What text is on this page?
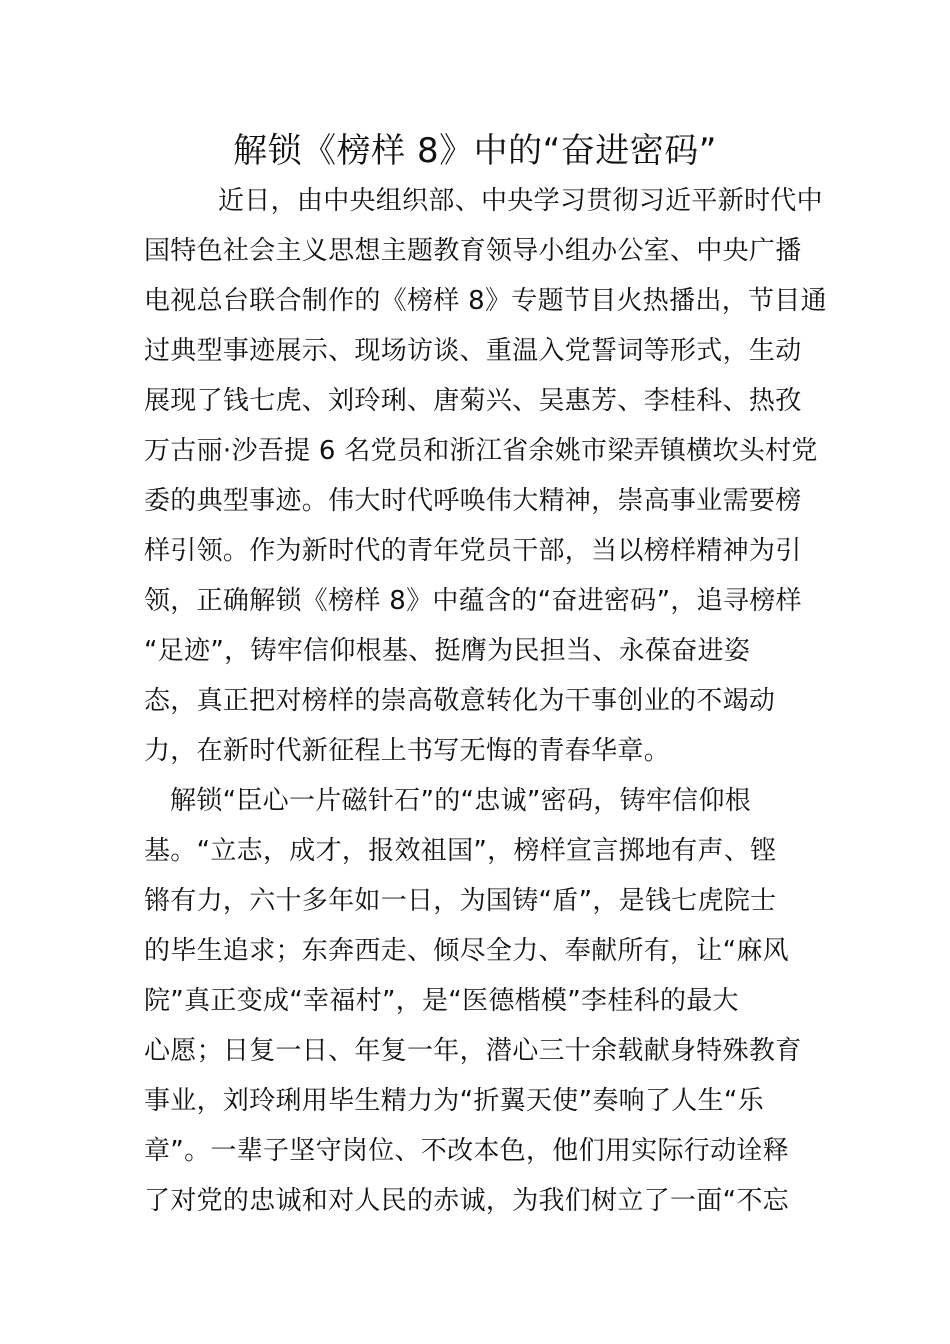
解锁《榜样 8》中的“奋进密码”

近日，由中央组织部、中央学习贯彻习近平新时代中

国特色社会主义思想主题教育领导小组办公室、中央广播

电视总台联合制作的《榜样 8》专题节目火热播出，节目通

过典型事迹展示、现场访谈、重温入党誓词等形式，生动

展现了钱七虎、刘玲琍、唐菊兴、吴惠芳、李桂科、热孜

万古丽·沙吾提 6 名党员和浙江省余姚市梁弄镇横坎头村党

委的典型事迹。伟大时代呼唤伟大精神，崇高事业需要榜

样引领。作为新时代的青年党员干部，当以榜样精神为引

领，正确解锁《榜样 8》中蕴含的“奋进密码”，追寻榜样

“足迹”，铸牢信仰根基、挺膺为民担当、永葆奋进姿

态，真正把对榜样的崇高敬意转化为干事创业的不竭动

力，在新时代新征程上书写无悔的青春华章。

解锁“臣心一片磁针石”的“忠诚”密码，铸牢信仰根

基。“立志，成才，报效祖国”，榜样宣言掷地有声、铿

锵有力，六十多年如一日，为国铸“盾”，是钱七虎院士

的毕生追求；东奔西走、倾尽全力、奉献所有，让“麻风

院”真正变成“幸福村”，是“医德楷模”李桂科的最大

心愿；日复一日、年复一年，潜心三十余载献身特殊教育

事业，刘玲琍用毕生精力为“折翼天使”奏响了人生“乐

章”。一辈子坚守岗位、不改本色，他们用实际行动诠释

了对党的忠诚和对人民的赤诚，为我们树立了一面“不忘
